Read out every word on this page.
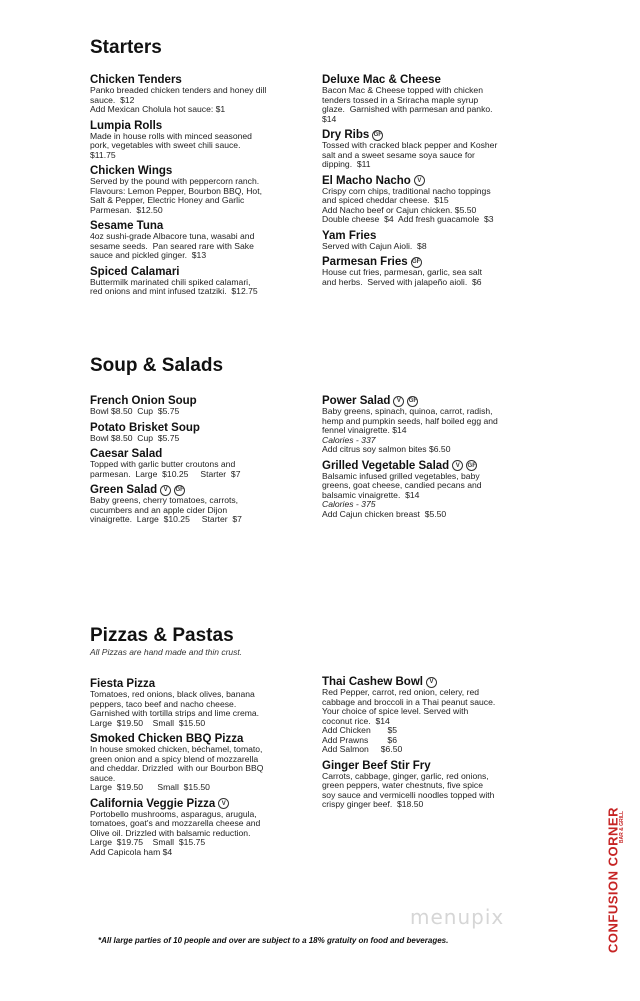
Starters
Chicken Tenders
Panko breaded chicken tenders and honey dill
sauce.  $12
Add Mexican Cholula hot sauce: $1
Lumpia Rolls
Made in house rolls with minced seasoned
pork, vegetables with sweet chili sauce.
$11.75
Chicken Wings
Served by the pound with peppercorn ranch.
Flavours: Lemon Pepper, Bourbon BBQ, Hot,
Salt & Pepper, Electric Honey and Garlic
Parmesan.  $12.50
Sesame Tuna
4oz sushi-grade Albacore tuna, wasabi and
sesame seeds.  Pan seared rare with Sake
sauce and pickled ginger.  $13
Spiced Calamari
Buttermilk marinated chili spiked calamari,
red onions and mint infused tzatziki.  $12.75
Deluxe Mac & Cheese
Bacon Mac & Cheese topped with chicken
tenders tossed in a Sriracha maple syrup
glaze.  Garnished with parmesan and panko.
$14
Dry Ribs GF
Tossed with cracked black pepper and Kosher
salt and a sweet sesame soya sauce for
dipping.  $11
El Macho Nacho	V
Crispy corn chips, traditional nacho toppings
and spiced cheddar cheese.  $15
Add Nacho beef or Cajun chicken. $5.50
Double cheese  $4  Add fresh guacamole  $3
Yam Fries
Served with Cajun Aioli.  $8
Parmesan Fries GF
House cut fries, parmesan, garlic, sea salt
and herbs.  Served with jalapeño aioli.  $6
Soup & Salads
French Onion Soup
Bowl $8.50  Cup  $5.75
Potato Brisket Soup
Bowl $8.50  Cup  $5.75
Caesar Salad
Topped with garlic butter croutons and
parmesan.  Large  $10.25     Starter  $7
Green Salad	V	GF
Baby greens, cherry tomatoes, carrots,
cucumbers and an apple cider Dijon
vinaigrette.  Large  $10.25     Starter  $7
Power Salad	V	GF
Baby greens, spinach, quinoa, carrot, radish,
hemp and pumpkin seeds, half boiled egg and
fennel vinaigrette. $14
Calories - 337
Add citrus soy salmon bites $6.50
Grilled Vegetable Salad	V	GF
Balsamic infused grilled vegetables, baby
greens, goat cheese, candied pecans and
balsamic vinaigrette.  $14
Calories - 375
Add Cajun chicken breast  $5.50
Pizzas & Pastas
All Pizzas are hand made and thin crust.
Fiesta Pizza
Tomatoes, red onions, black olives, banana
peppers, taco beef and nacho cheese.
Garnished with tortilla strips and lime crema.
Large  $19.50    Small  $15.50
Smoked Chicken BBQ Pizza
In house smoked chicken, béchamel, tomato,
green onion and a spicy blend of mozzarella
and cheddar. Drizzled  with our Bourbon BBQ
sauce.
Large  $19.50      Small  $15.50
California Veggie Pizza	V
Portobello mushrooms, asparagus, arugula,
tomatoes, goat's and mozzarella cheese and
Olive oil. Drizzled with balsamic reduction.
Large  $19.75    Small  $15.75
Add Capicola ham $4
Thai Cashew Bowl	V
Red Pepper, carrot, red onion, celery, red
cabbage and broccoli in a Thai peanut sauce.
Your choice of spice level. Served with
coconut rice.  $14
Add Chicken       $5
Add Prawns        $6
Add Salmon     $6.50
Ginger Beef Stir Fry
Carrots, cabbage, ginger, garlic, red onions,
green peppers, water chestnuts, five spice
soy sauce and vermicelli noodles topped with
crispy ginger beef.  $18.50
menupix	CONFUSION CORNER
BAR & GRILL
*All large parties of 10 people and over are subject to a 18% gratuity on food and beverages.
